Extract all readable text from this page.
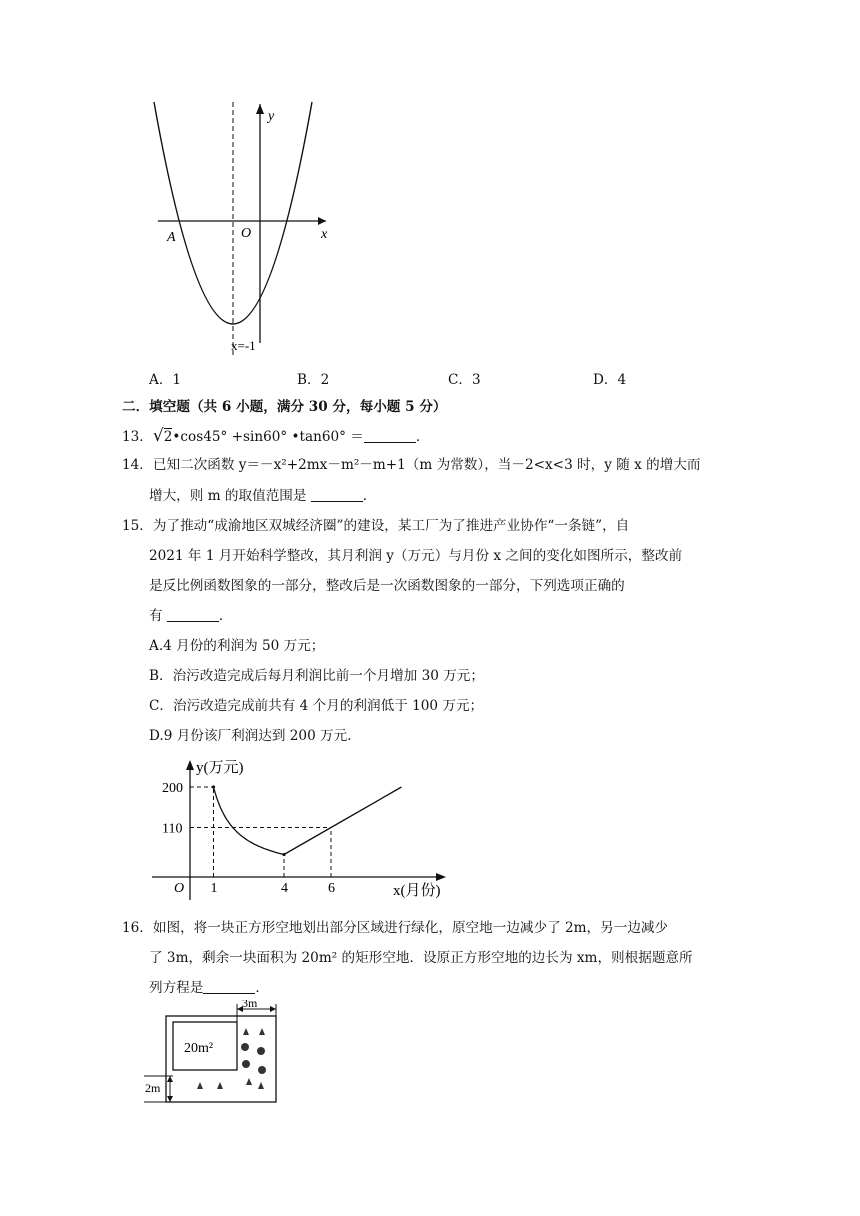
y
x
O
A
x=-1
A．1	B．2	C．3	D．4
二．填空题（共 6 小题，满分 30 分，每小题 5 分）
13．√2•cos45° +sin60° •tan60° ＝	．
14．已知二次函数 y＝－x²+2mx－m²－m+1（m 为常数），当－2<x<3 时，y 随 x 的增大而
增大，则 m 的取值范围是	．
15．为了推动“成渝地区双城经济圈”的建设，某工厂为了推进产业协作“一条链”，自
2021 年 1 月开始科学整改，其月利润 y（万元）与月份 x 之间的变化如图所示，整改前
是反比例函数图象的一部分，整改后是一次函数图象的一部分，下列选项正确的
有	．
A.4 月份的利润为 50 万元；
B．治污改造完成后每月利润比前一个月增加 30 万元；
C．治污改造完成前共有 4 个月的利润低于 100 万元；
D.9 月份该厂利润达到 200 万元．
1	4	6
200
110
y(万元)
x(月份)
O
16．如图，将一块正方形空地划出部分区域进行绿化，原空地一边减少了 2m，另一边减少
了 3m，剩余一块面积为 20m² 的矩形空地．设原正方形空地的边长为 xm，则根据题意所
列方程是	．
3m
2m
20m²
